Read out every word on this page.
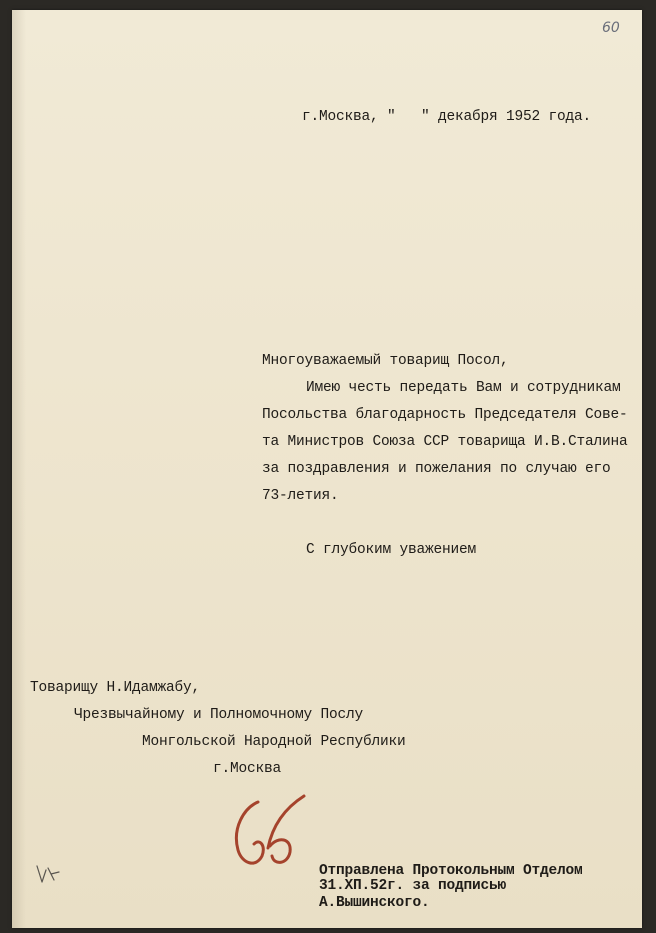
60
г.Москва, "   " декабря 1952 года.
Многоуважаемый товарищ Посол,
Имею честь передать Вам и сотрудникам
Посольства благодарность Председателя Сове-
та Министров Союза ССР товарища И.В.Сталина
за поздравления и пожелания по случаю его
73-летия.
С глубоким уважением
Товарищу Н.Идамжабу,
Чрезвычайному и Полномочному Послу
Монгольской Народной Республики
г.Москва
Отправлена Протокольным Отделом
31.XП.52г. за подписью
А.Вышинского.
